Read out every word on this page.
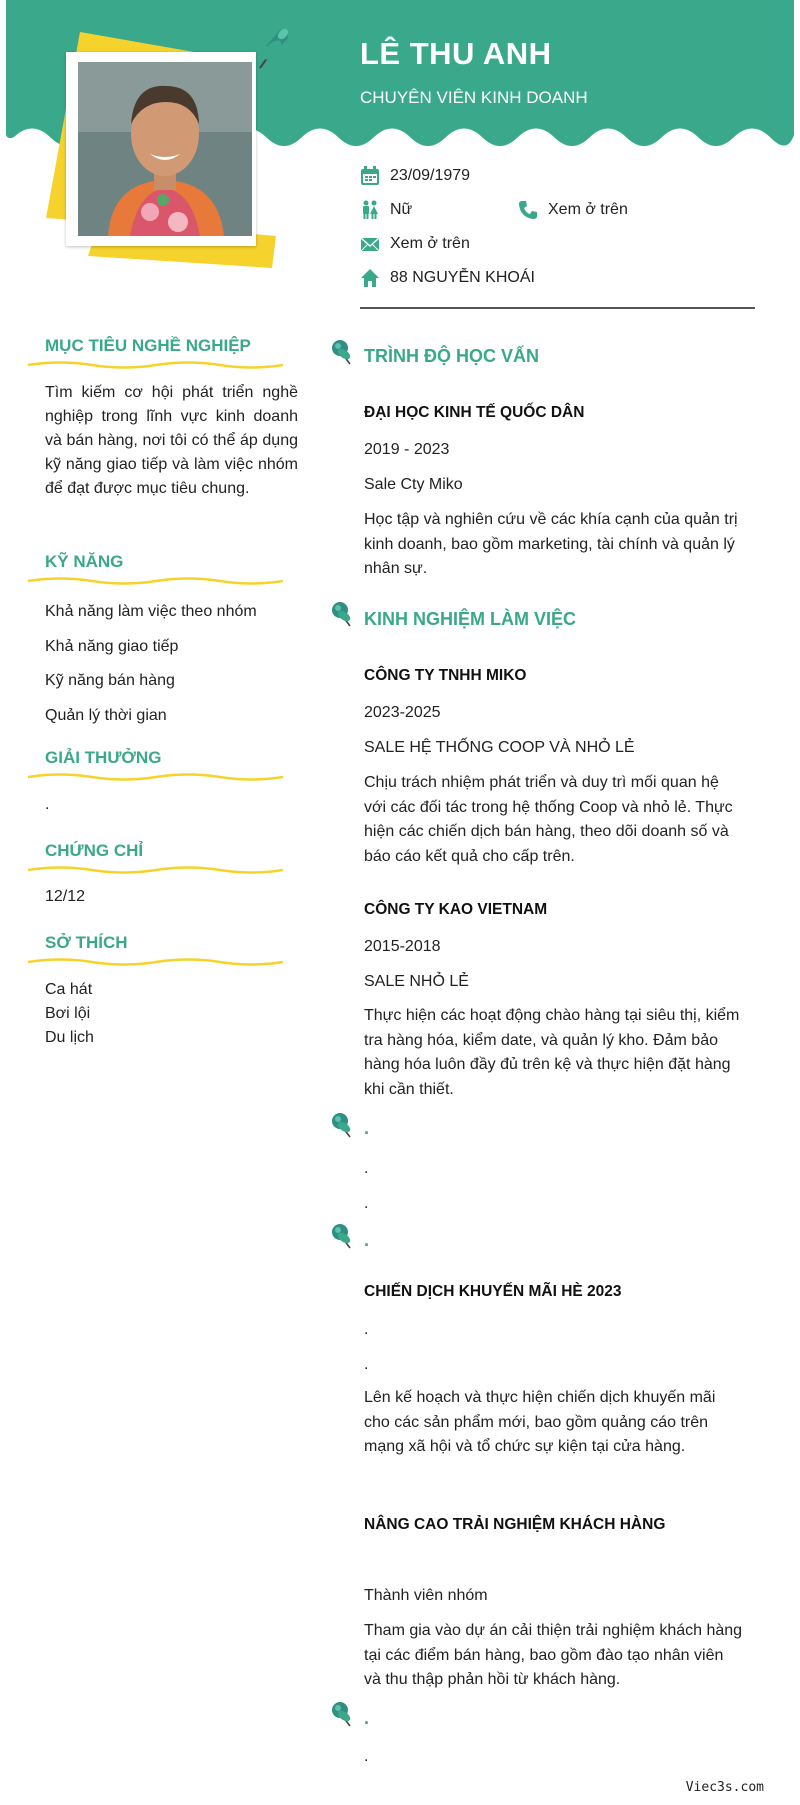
LÊ THU ANH
CHUYÊN VIÊN KINH DOANH
23/09/1979
Nữ	Xem ở trên
Xem ở trên
88 NGUYỄN KHOÁI
MỤC TIÊU NGHỀ NGHIỆP
Tìm kiếm cơ hội phát triển nghề nghiệp trong lĩnh vực kinh doanh và bán hàng, nơi tôi có thể áp dụng kỹ năng giao tiếp và làm việc nhóm để đạt được mục tiêu chung.
KỸ NĂNG
Khả năng làm việc theo nhóm
Khả năng giao tiếp
Kỹ năng bán hàng
Quản lý thời gian
GIẢI THƯỞNG
.
CHỨNG CHỈ
12/12
SỞ THÍCH
Ca hát
Bơi lội
Du lịch
TRÌNH ĐỘ HỌC VẤN
ĐẠI HỌC KINH TẾ QUỐC DÂN
2019 - 2023
Sale Cty Miko
Học tập và nghiên cứu về các khía cạnh của quản trị kinh doanh, bao gồm marketing, tài chính và quản lý nhân sự.
KINH NGHIỆM LÀM VIỆC
CÔNG TY TNHH MIKO
2023-2025
SALE HỆ THỐNG COOP VÀ NHỎ LẺ
Chịu trách nhiệm phát triển và duy trì mối quan hệ với các đối tác trong hệ thống Coop và nhỏ lẻ. Thực hiện các chiến dịch bán hàng, theo dõi doanh số và báo cáo kết quả cho cấp trên.
CÔNG TY KAO VIETNAM
2015-2018
SALE NHỎ LẺ
Thực hiện các hoạt động chào hàng tại siêu thị, kiểm tra hàng hóa, kiểm date, và quản lý kho. Đảm bảo hàng hóa luôn đầy đủ trên kệ và thực hiện đặt hàng khi cần thiết.
.
.
.
.
CHIẾN DỊCH KHUYẾN MÃI HÈ 2023
.
.
Lên kế hoạch và thực hiện chiến dịch khuyến mãi cho các sản phẩm mới, bao gồm quảng cáo trên mạng xã hội và tổ chức sự kiện tại cửa hàng.
NÂNG CAO TRẢI NGHIỆM KHÁCH HÀNG
Thành viên nhóm
Tham gia vào dự án cải thiện trải nghiệm khách hàng tại các điểm bán hàng, bao gồm đào tạo nhân viên và thu thập phản hồi từ khách hàng.
.
.
Viec3s.com
